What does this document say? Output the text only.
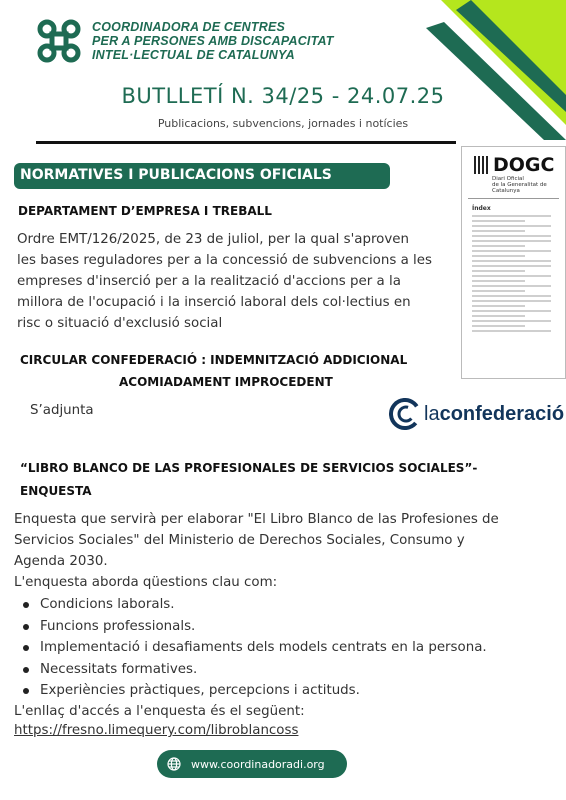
COORDINADORA DE CENTRES
PER A PERSONES AMB DISCAPACITAT
INTEL·LECTUAL DE CATALUNYA
BUTLLETÍ N. 34/25 - 24.07.25
Publicacions, subvencions, jornades i notícies
DOGC
Diari Oficial
de la Generalitat de Catalunya
Índex
NORMATIVES I PUBLICACIONS OFICIALS
DEPARTAMENT D’EMPRESA I TREBALL
Ordre EMT/126/2025, de 23 de juliol, per la qual s'aproven
les bases reguladores per a la concessió de subvencions a les
empreses d'inserció per a la realització d'accions per a la
millora de l'ocupació i la inserció laboral dels col·lectius en
risc o situació d'exclusió social
CIRCULAR CONFEDERACIÓ : INDEMNITZACIÓ ADDICIONAL
ACOMIADAMENT IMPROCEDENT
S’adjunta	laconfederació
“LIBRO BLANCO DE LAS PROFESIONALES DE SERVICIOS SOCIALES”-
ENQUESTA
Enquesta que servirà per elaborar "El Libro Blanco de las Profesiones de
Servicios Sociales" del Ministerio de Derechos Sociales, Consumo y
Agenda 2030.
L'enquesta aborda qüestions clau com:
Condicions laborals.
Funcions professionals.
Implementació i desafiaments dels models centrats en la persona.
Necessitats formatives.
Experiències pràctiques, percepcions i actituds.
L'enllaç d'accés a l'enquesta és el següent:
https://fresno.limequery.com/libroblancoss
www.coordinadoradi.org
